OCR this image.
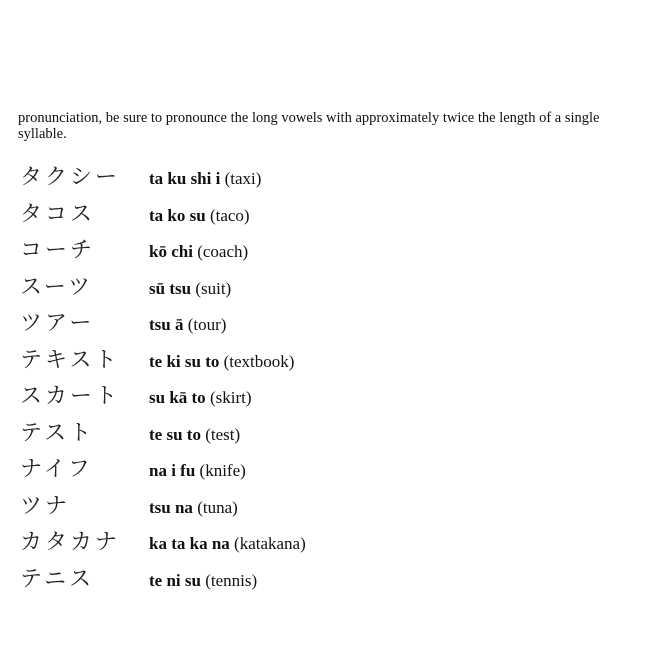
pronunciation, be sure to pronounce the long vowels with approximately twice the length of a single syllable.

タクシー	ta ku shi i (taxi)
タコス	ta ko su (taco)
コーチ	kō chi (coach)
スーツ	sū tsu (suit)
ツアー	tsu ā (tour)
テキスト	te ki su to (textbook)
スカート	su kā to (skirt)
テスト	te su to (test)
ナイフ	na i fu (knife)
ツナ	tsu na (tuna)
カタカナ	ka ta ka na (katakana)
テニス	te ni su (tennis)
